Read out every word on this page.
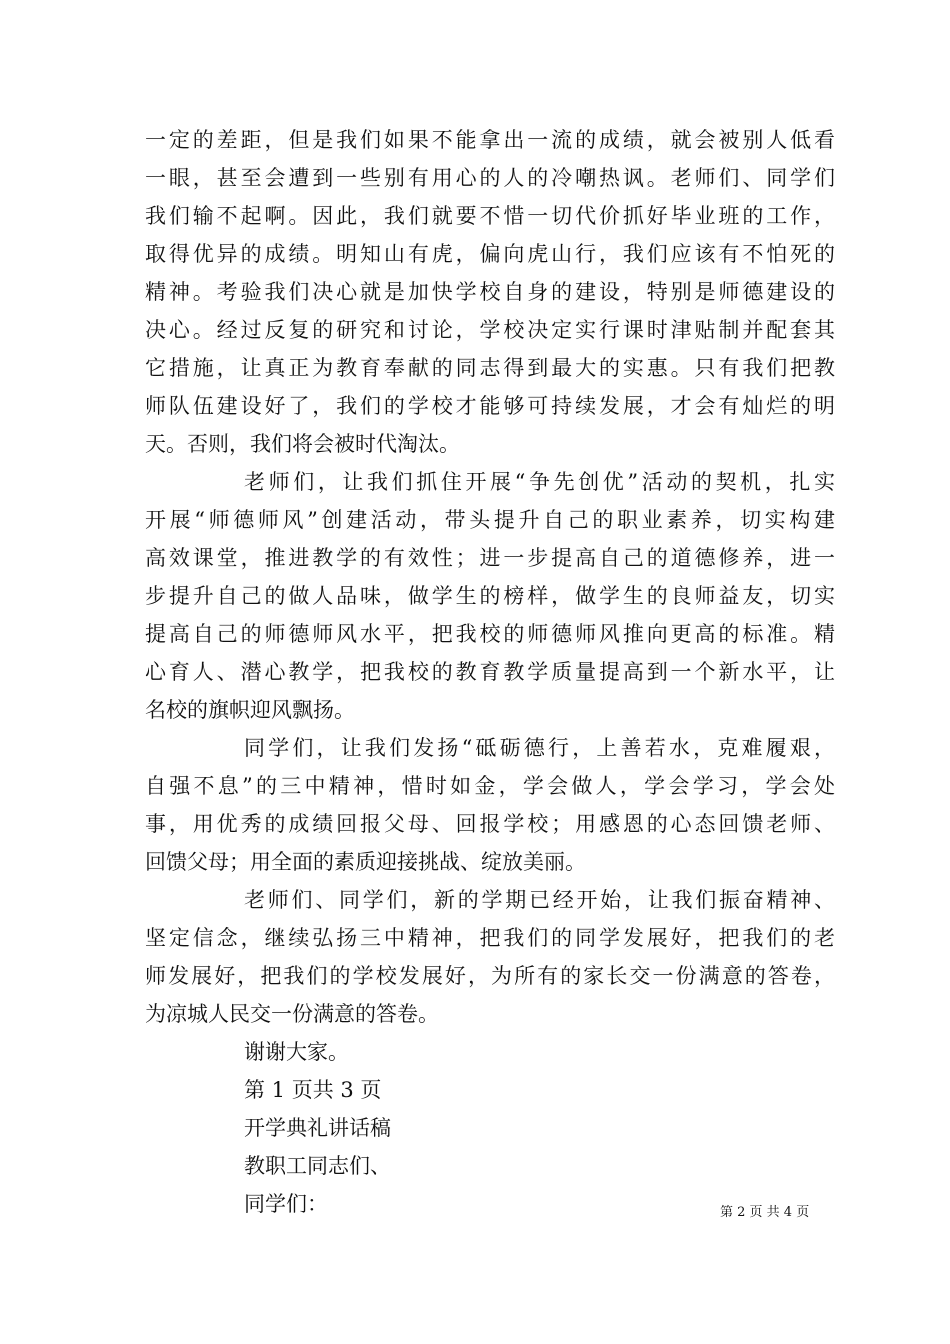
一定的差距，但是我们如果不能拿出一流的成绩，就会被别人低看
一眼，甚至会遭到一些别有用心的人的冷嘲热讽。老师们、同学们
我们输不起啊。因此，我们就要不惜一切代价抓好毕业班的工作，
取得优异的成绩。明知山有虎，偏向虎山行，我们应该有不怕死的
精神。考验我们决心就是加快学校自身的建设，特别是师德建设的
决心。经过反复的研究和讨论，学校决定实行课时津贴制并配套其
它措施，让真正为教育奉献的同志得到最大的实惠。只有我们把教
师队伍建设好了，我们的学校才能够可持续发展，才会有灿烂的明
天。否则，我们将会被时代淘汰。
老师们，让我们抓住开展“争先创优”活动的契机，扎实
开展“师德师风”创建活动，带头提升自己的职业素养，切实构建
高效课堂，推进教学的有效性；进一步提高自己的道德修养，进一
步提升自己的做人品味，做学生的榜样，做学生的良师益友，切实
提高自己的师德师风水平，把我校的师德师风推向更高的标准。精
心育人、潜心教学，把我校的教育教学质量提高到一个新水平，让
名校的旗帜迎风飘扬。
同学们，让我们发扬“砥砺德行，上善若水，克难履艰，
自强不息”的三中精神，惜时如金，学会做人，学会学习，学会处
事，用优秀的成绩回报父母、回报学校；用感恩的心态回馈老师、
回馈父母；用全面的素质迎接挑战、绽放美丽。
老师们、同学们，新的学期已经开始，让我们振奋精神、
坚定信念，继续弘扬三中精神，把我们的同学发展好，把我们的老
师发展好，把我们的学校发展好，为所有的家长交一份满意的答卷，
为凉城人民交一份满意的答卷。
谢谢大家。
第 1 页共 3 页
开学典礼讲话稿
教职工同志们、
同学们：	第 2 页 共 4 页
